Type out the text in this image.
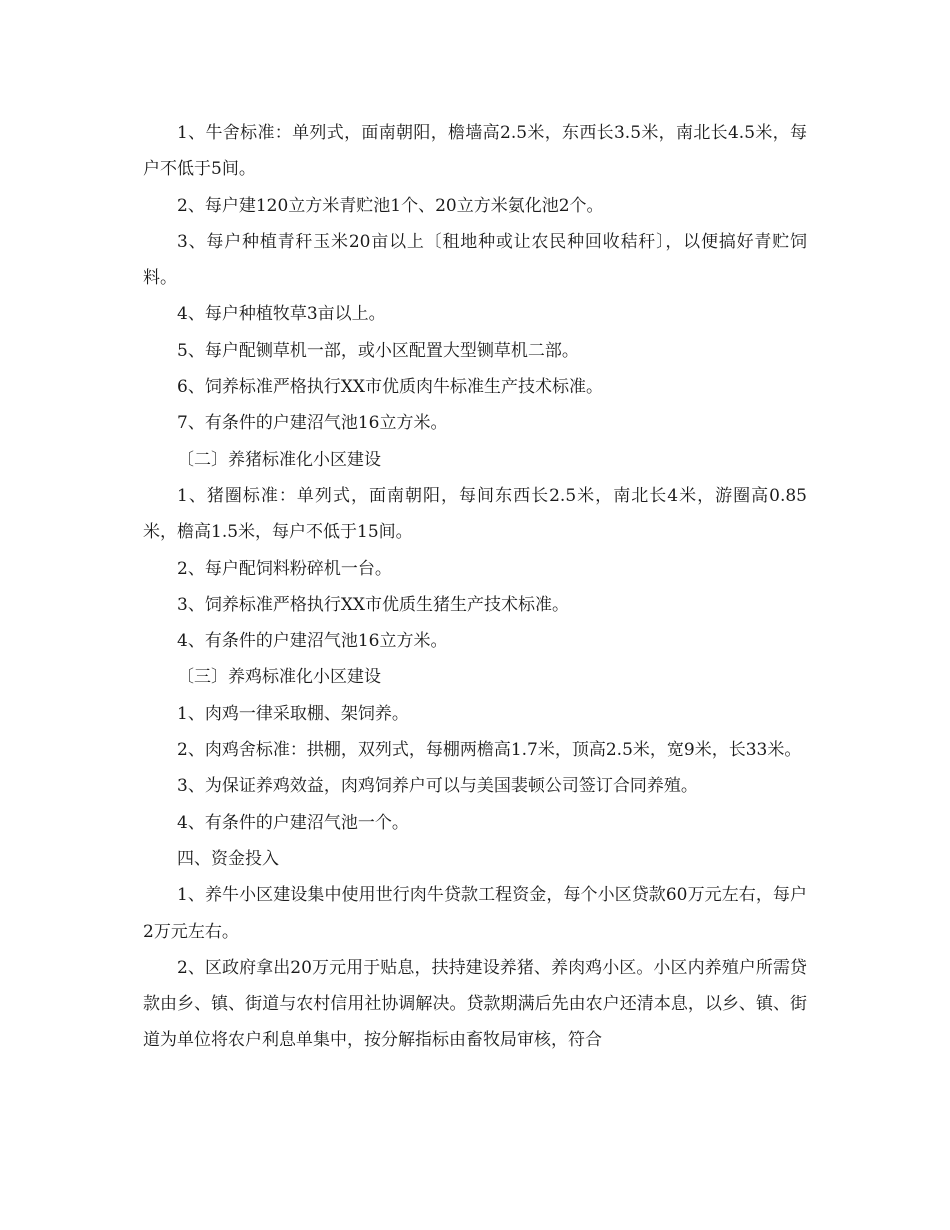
1、牛舍标准：单列式，面南朝阳，檐墙高2.5米，东西长3.5米，南北长4.5米，每户不低于5间。

2、每户建120立方米青贮池1个、20立方米氨化池2个。

3、每户种植青秆玉米20亩以上〔租地种或让农民种回收秸秆〕，以便搞好青贮饲料。

4、每户种植牧草3亩以上。

5、每户配铡草机一部，或小区配置大型铡草机二部。

6、饲养标准严格执行XX市优质肉牛标准生产技术标准。

7、有条件的户建沼气池16立方米。

〔二〕养猪标准化小区建设

1、猪圈标准：单列式，面南朝阳，每间东西长2.5米，南北长4米，游圈高0.85米，檐高1.5米，每户不低于15间。

2、每户配饲料粉碎机一台。

3、饲养标准严格执行XX市优质生猪生产技术标准。

4、有条件的户建沼气池16立方米。

〔三〕养鸡标准化小区建设

1、肉鸡一律采取棚、架饲养。

2、肉鸡舍标准：拱棚，双列式，每棚两檐高1.7米，顶高2.5米，宽9米，长33米。

3、为保证养鸡效益，肉鸡饲养户可以与美国裴顿公司签订合同养殖。

4、有条件的户建沼气池一个。

四、资金投入

1、养牛小区建设集中使用世行肉牛贷款工程资金，每个小区贷款60万元左右，每户2万元左右。

2、区政府拿出20万元用于贴息，扶持建设养猪、养肉鸡小区。小区内养殖户所需贷款由乡、镇、街道与农村信用社协调解决。贷款期满后先由农户还清本息，以乡、镇、街道为单位将农户利息单集中，按分解指标由畜牧局审核，符合
